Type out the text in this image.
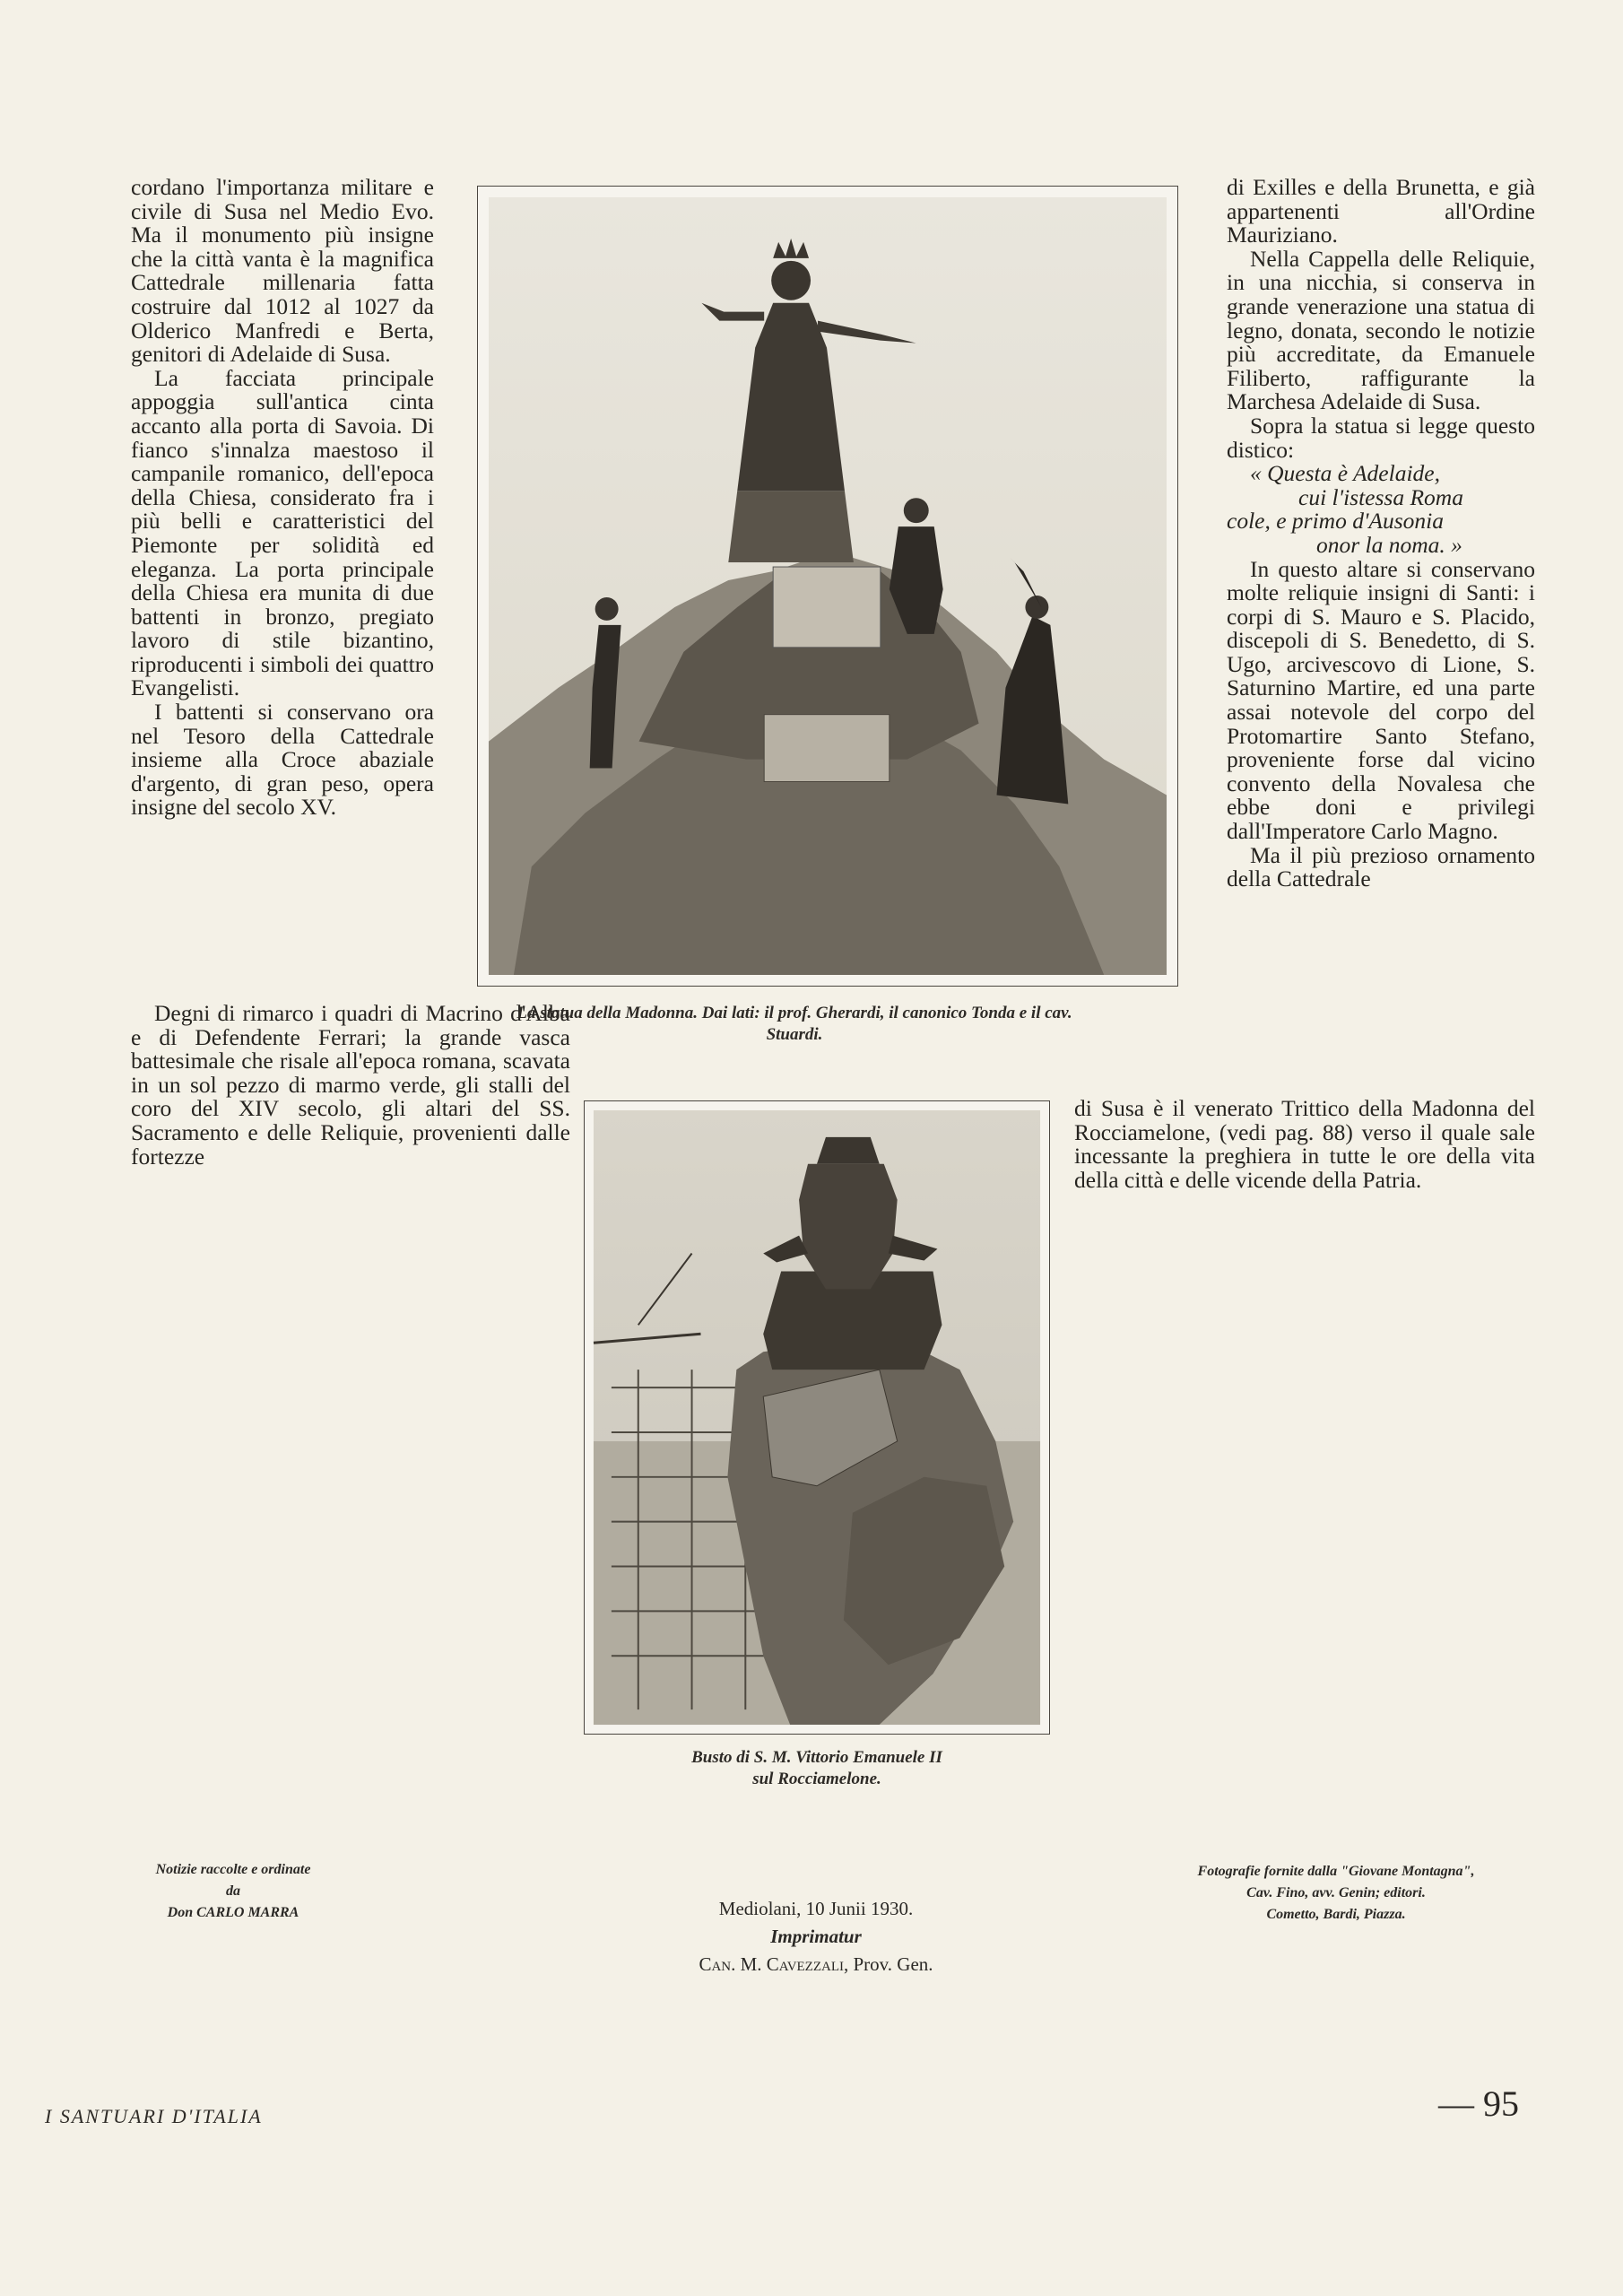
cordano l'importanza militare e civile di Susa nel Medio Evo. Ma il monumento più insigne che la città vanta è la magnifica Cattedrale millenaria fatta costruire dal 1012 al 1027 da Olderico Manfredi e Berta, genitori di Adelaide di Susa.

La facciata principale appoggia sull'antica cinta accanto alla porta di Savoia. Di fianco s'innalza maestoso il campanile romanico, dell'epoca della Chiesa, considerato fra i più belli e caratteristici del Piemonte per solidità ed eleganza. La porta principale della Chiesa era munita di due battenti in bronzo, pregiato lavoro di stile bizantino, riproducenti i simboli dei quattro Evangelisti.

I battenti si conservano ora nel Tesoro della Cattedrale insieme alla Croce abaziale d'argento, di gran peso, opera insigne del secolo XV.

Degni di rimarco i quadri di Macrino d'Alba e di Defendente Ferrari; la grande vasca battesimale che risale all'epoca romana, scavata in un sol pezzo di marmo verde, gli stalli del coro del XIV secolo, gli altari del SS. Sacramento e delle Reliquie, provenienti dalle fortezze

La statua della Madonna. Dai lati: il prof. Gherardi, il canonico Tonda e il cav. Stuardi.

di Exilles e della Brunetta, e già appartenenti all'Ordine Mauriziano.

Nella Cappella delle Reliquie, in una nicchia, si conserva in grande venerazione una statua di legno, donata, secondo le notizie più accreditate, da Emanuele Filiberto, raffigurante la Marchesa Adelaide di Susa.

Sopra la statua si legge questo distico:

« Questa è Adelaide,
cui l'istessa Roma
cole, e primo d'Ausonia
onor la noma. »

In questo altare si conservano molte reliquie insigni di Santi: i corpi di S. Mauro e S. Placido, discepoli di S. Benedetto, di S. Ugo, arcivescovo di Lione, S. Saturnino Martire, ed una parte assai notevole del corpo del Protomartire Santo Stefano, proveniente forse dal vicino convento della Novalesa che ebbe doni e privilegi dall'Imperatore Carlo Magno.

Ma il più prezioso ornamento della Cattedrale

di Susa è il venerato Trittico della Madonna del Rocciamelone, (vedi pag. 88) verso il quale sale incessante la preghiera in tutte le ore della vita della città e delle vicende della Patria.

Busto di S. M. Vittorio Emanuele II
sul Rocciamelone.
Notizie raccolte e ordinate
da
Don CARLO MARRA	Mediolani, 10 Junii 1930.
Imprimatur
Can. M. Cavezzali, Prov. Gen.
Fotografie fornite dalla "Giovane Montagna", Cav. Fino, avv. Genin; editori.
Cometto, Bardi, Piazza.
I SANTUARI D'ITALIA	— 95
